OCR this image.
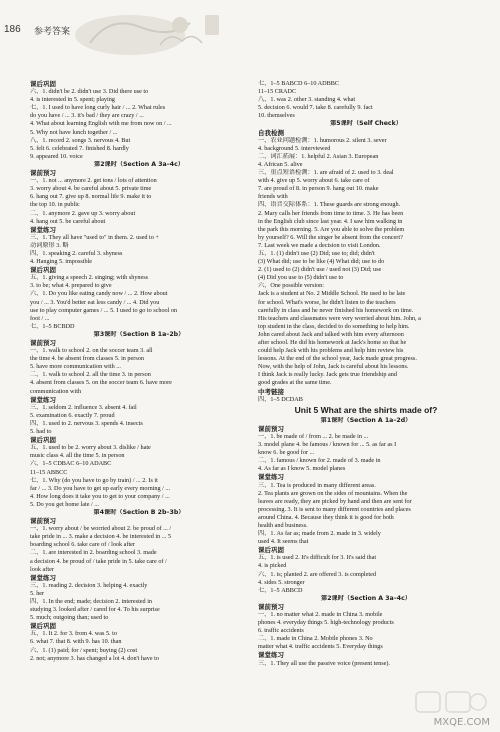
186 参考答案
课后巩固
六、1. didn't be 2. didn't use 3. Did there use to
4. is interested in 5. spent; playing
七、1. I used to have long curly hair / ... 2. What rules
do you have / ... 3. it's bad / they are crazy / ...
4. What about learning English with me from now on / ...
5. Why not have lunch together / ...
八、1. record 2. songs 3. nervous 4. But
5. felt 6. celebrated 7. finished 8. hardly
9. appeared 10. voice
第2课时（Section A 3a–4c）
课前预习
一、1. not ... anymore 2. get tons / lots of attention
3. worry about 4. be careful about 5. private time
6. hang out 7. give up 8. normal life 9. make it to
the top 10. in public
二、1. anymore 2. gave up 3. worry about
4. hang out 5. be careful about
课堂练习
三、1. They all have "used to" in them. 2. used to +
动词原形 3. 略
四、1. speaking 2. careful 3. shyness
4. Hanging 5. impossible
课后巩固
五、1. giving a speech 2. singing; with shyness
3. to be; what 4. prepared to give
六、1. Do you like eating candy now / ... 2. How about
you / ... 3. You'd better eat less candy / ... 4. Did you
use to play computer games / ... 5. I used to go to school on
foot / ...
七、1–5 BCBDD
第3课时（Section B 1a–2b）
课前预习
一、1. walk to school 2. on the soccer team 3. all
the time 4. be absent from classes 5. in person
5. have more communication with ...
二、1. walk to school 2. all the time 3. in person
4. absent from classes 5. on the soccer team 6. have more
communication with
课堂练习
三、1. seldom 2. influence 3. absent 4. fail
5. examination 6. exactly 7. proud
四、1. used to 2. nervous 3. spends 4. insects
5. had to
课后巩固
五、1. used to be 2. worry about 3. dislike / hate
music class 4. all the time 5. in person
六、1–5 CDBAC 6–10 ADABC
11–15 ABBCC
七、1. Why (do you have to go by train) / ... 2. Is it
far / ... 3. Do you have to get up early every morning / ...
4. How long does it take you to get to your company / ...
5. Do you get home late / ...
第4课时（Section B 2b–3b）
课前预习
一、1. worry about / be worried about 2. be proud of ... /
take pride in ... 3. make a decision 4. be interested in ... 5
boarding school 6. take care of / look after
二、1. are interested in 2. boarding school 3. made
a decision 4. be proud of / take pride in 5. take care of /
look after
课堂练习
三、1. reading 2. decision 3. helping 4. exactly
5. her
四、1. In the end; made; decision 2. interested in
studying 3. looked after / cared for 4. To his surprise
5. much; outgoing than; used to
课后巩固
五、1. It 2. for 3. from 4. was 5. to
6. what 7. that 8. with 9. has 10. than
六、1. (1) paid; for / spent; buying (2) cost
2. not; anymore 3. has changed a lot 4. don't have to
七、1–5 BABCD 6–10 ADBBC
11–15 CRADC
八、1. was 2. other 3. standing 4. what
5. decision 6. would 7. take 8. carefully 9. fact
10. themselves
第5课时（Self Check）
自我检测
一、农业问题检测：1. humorous 2. silent 3. sever
4. background 5. interviewed
二、词汇拓展：1. helpful 2. Asian 3. European
4. African 5. alive
三、重点短语检测：1. are afraid of 2. used to 3. deal
with 4. give up 5. worry about 6. take care of
7. are proud of 8. in person 9. hang out 10. make
friends with
四、语音交际体系：1. These guards are strong enough.
2. Mary calls her friends from time to time. 3. He has been
in the English club since last year. 4. I saw him walking in
the park this morning. 5. Are you able to solve the problem
by yourself? 6. Will the singer be absent from the concert?
7. Last week we made a decision to visit London.
五、1. (1) didn't use (2) Did; use to; did; didn't
(3) What did; use to be like (4) What did; use to do
2. (1) used to (2) didn't use / used not (3) Did; use
(4) Did you use to (5) didn't use to
六、One possible version:
Jack is a student at No. 2 Middle School. He used to be late
for school. What's worse, he didn't listen to the teachers
carefully in class and he never finished his homework on time.
His teachers and classmates were very worried about him. John, a
top student in the class, decided to do something to help him.
John cared about Jack and talked with him every afternoon
after school. He did his homework at Jack's home so that he
could help Jack with his problems and help him review his
lessons. At the end of the school year, Jack made great progress.
Now, with the help of John, Jack is careful about his lessons.
I think Jack is really lucky. Jack gets true friendship and
good grades at the same time.
中考链接
四、1–5 DCDAB
Unit 5 What are the shirts made of?
第1课时（Section A 1a–2d）
课前预习
一、1. be made of / from ... 2. be made in ...
3. model plane 4. be famous / known for ... 5. as far as I
know 6. be good for ...
二、1. famous / known for 2. made of 3. made in
4. As far as I know 5. model planes
课堂练习
三、1. Tea is produced in many different areas.
2. Tea plants are grown on the sides of mountains. When the
leaves are ready, they are picked by hand and then are sent for
processing. 3. It is sent to many different countries and places
around China. 4. Because they think it is good for both
health and business.
四、1. As far as; made from 2. made in 3. widely
used 4. It seems that
课后巩固
五、1. is used 2. It's difficult for 3. It's said that
4. is picked
六、1. is; planted 2. are offered 3. is completed
4. sides 5. stronger
七、1–5 ABBCD
第2课时（Section A 3a–4c）
课前预习
一、1. no matter what 2. made in China 3. mobile
phones 4. everyday things 5. high-technology products
6. traffic accidents
二、1. made in China 2. Mobile phones 3. No
matter what 4. traffic accidents 5. Everyday things
课堂练习
三、1. They all use the passive voice (present tense).
MXQE.COM
